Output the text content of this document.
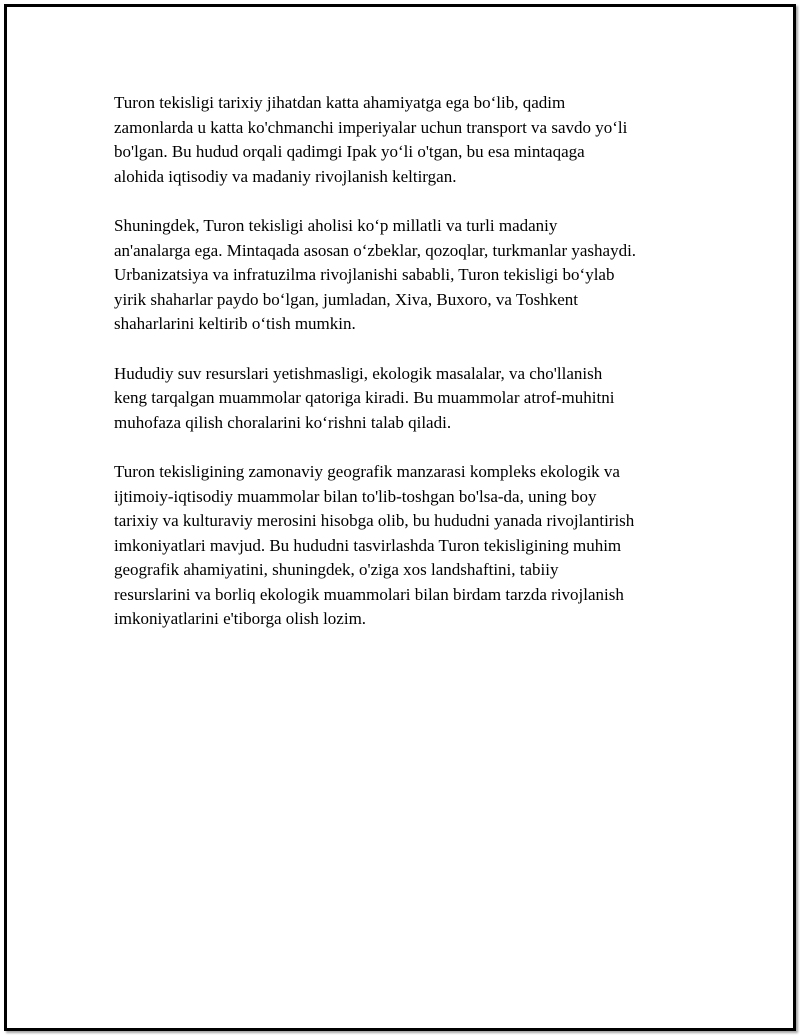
Turon tekisligi tarixiy jihatdan katta ahamiyatga ega bo‘lib, qadim
zamonlarda u katta ko'chmanchi imperiyalar uchun transport va savdo yo‘li
bo'lgan. Bu hudud orqali qadimgi Ipak yo‘li o'tgan, bu esa mintaqaga
alohida iqtisodiy va madaniy rivojlanish keltirgan.

Shuningdek, Turon tekisligi aholisi ko‘p millatli va turli madaniy
an'analarga ega. Mintaqada asosan o‘zbeklar, qozoqlar, turkmanlar yashaydi.
Urbanizatsiya va infratuzilma rivojlanishi sababli, Turon tekisligi bo‘ylab
yirik shaharlar paydo bo‘lgan, jumladan, Xiva, Buxoro, va Toshkent
shaharlarini keltirib o‘tish mumkin.

Hududiy suv resurslari yetishmasligi, ekologik masalalar, va cho'llanish
keng tarqalgan muammolar qatoriga kiradi. Bu muammolar atrof-muhitni
muhofaza qilish choralarini ko‘rishni talab qiladi.

Turon tekisligining zamonaviy geografik manzarasi kompleks ekologik va
ijtimoiy-iqtisodiy muammolar bilan to'lib-toshgan bo'lsa-da, uning boy
tarixiy va kulturaviy merosini hisobga olib, bu hududni yanada rivojlantirish
imkoniyatlari mavjud. Bu hududni tasvirlashda Turon tekisligining muhim
geografik ahamiyatini, shuningdek, o'ziga xos landshaftini, tabiiy
resurslarini va borliq ekologik muammolari bilan birdam tarzda rivojlanish
imkoniyatlarini e'tiborga olish lozim.
